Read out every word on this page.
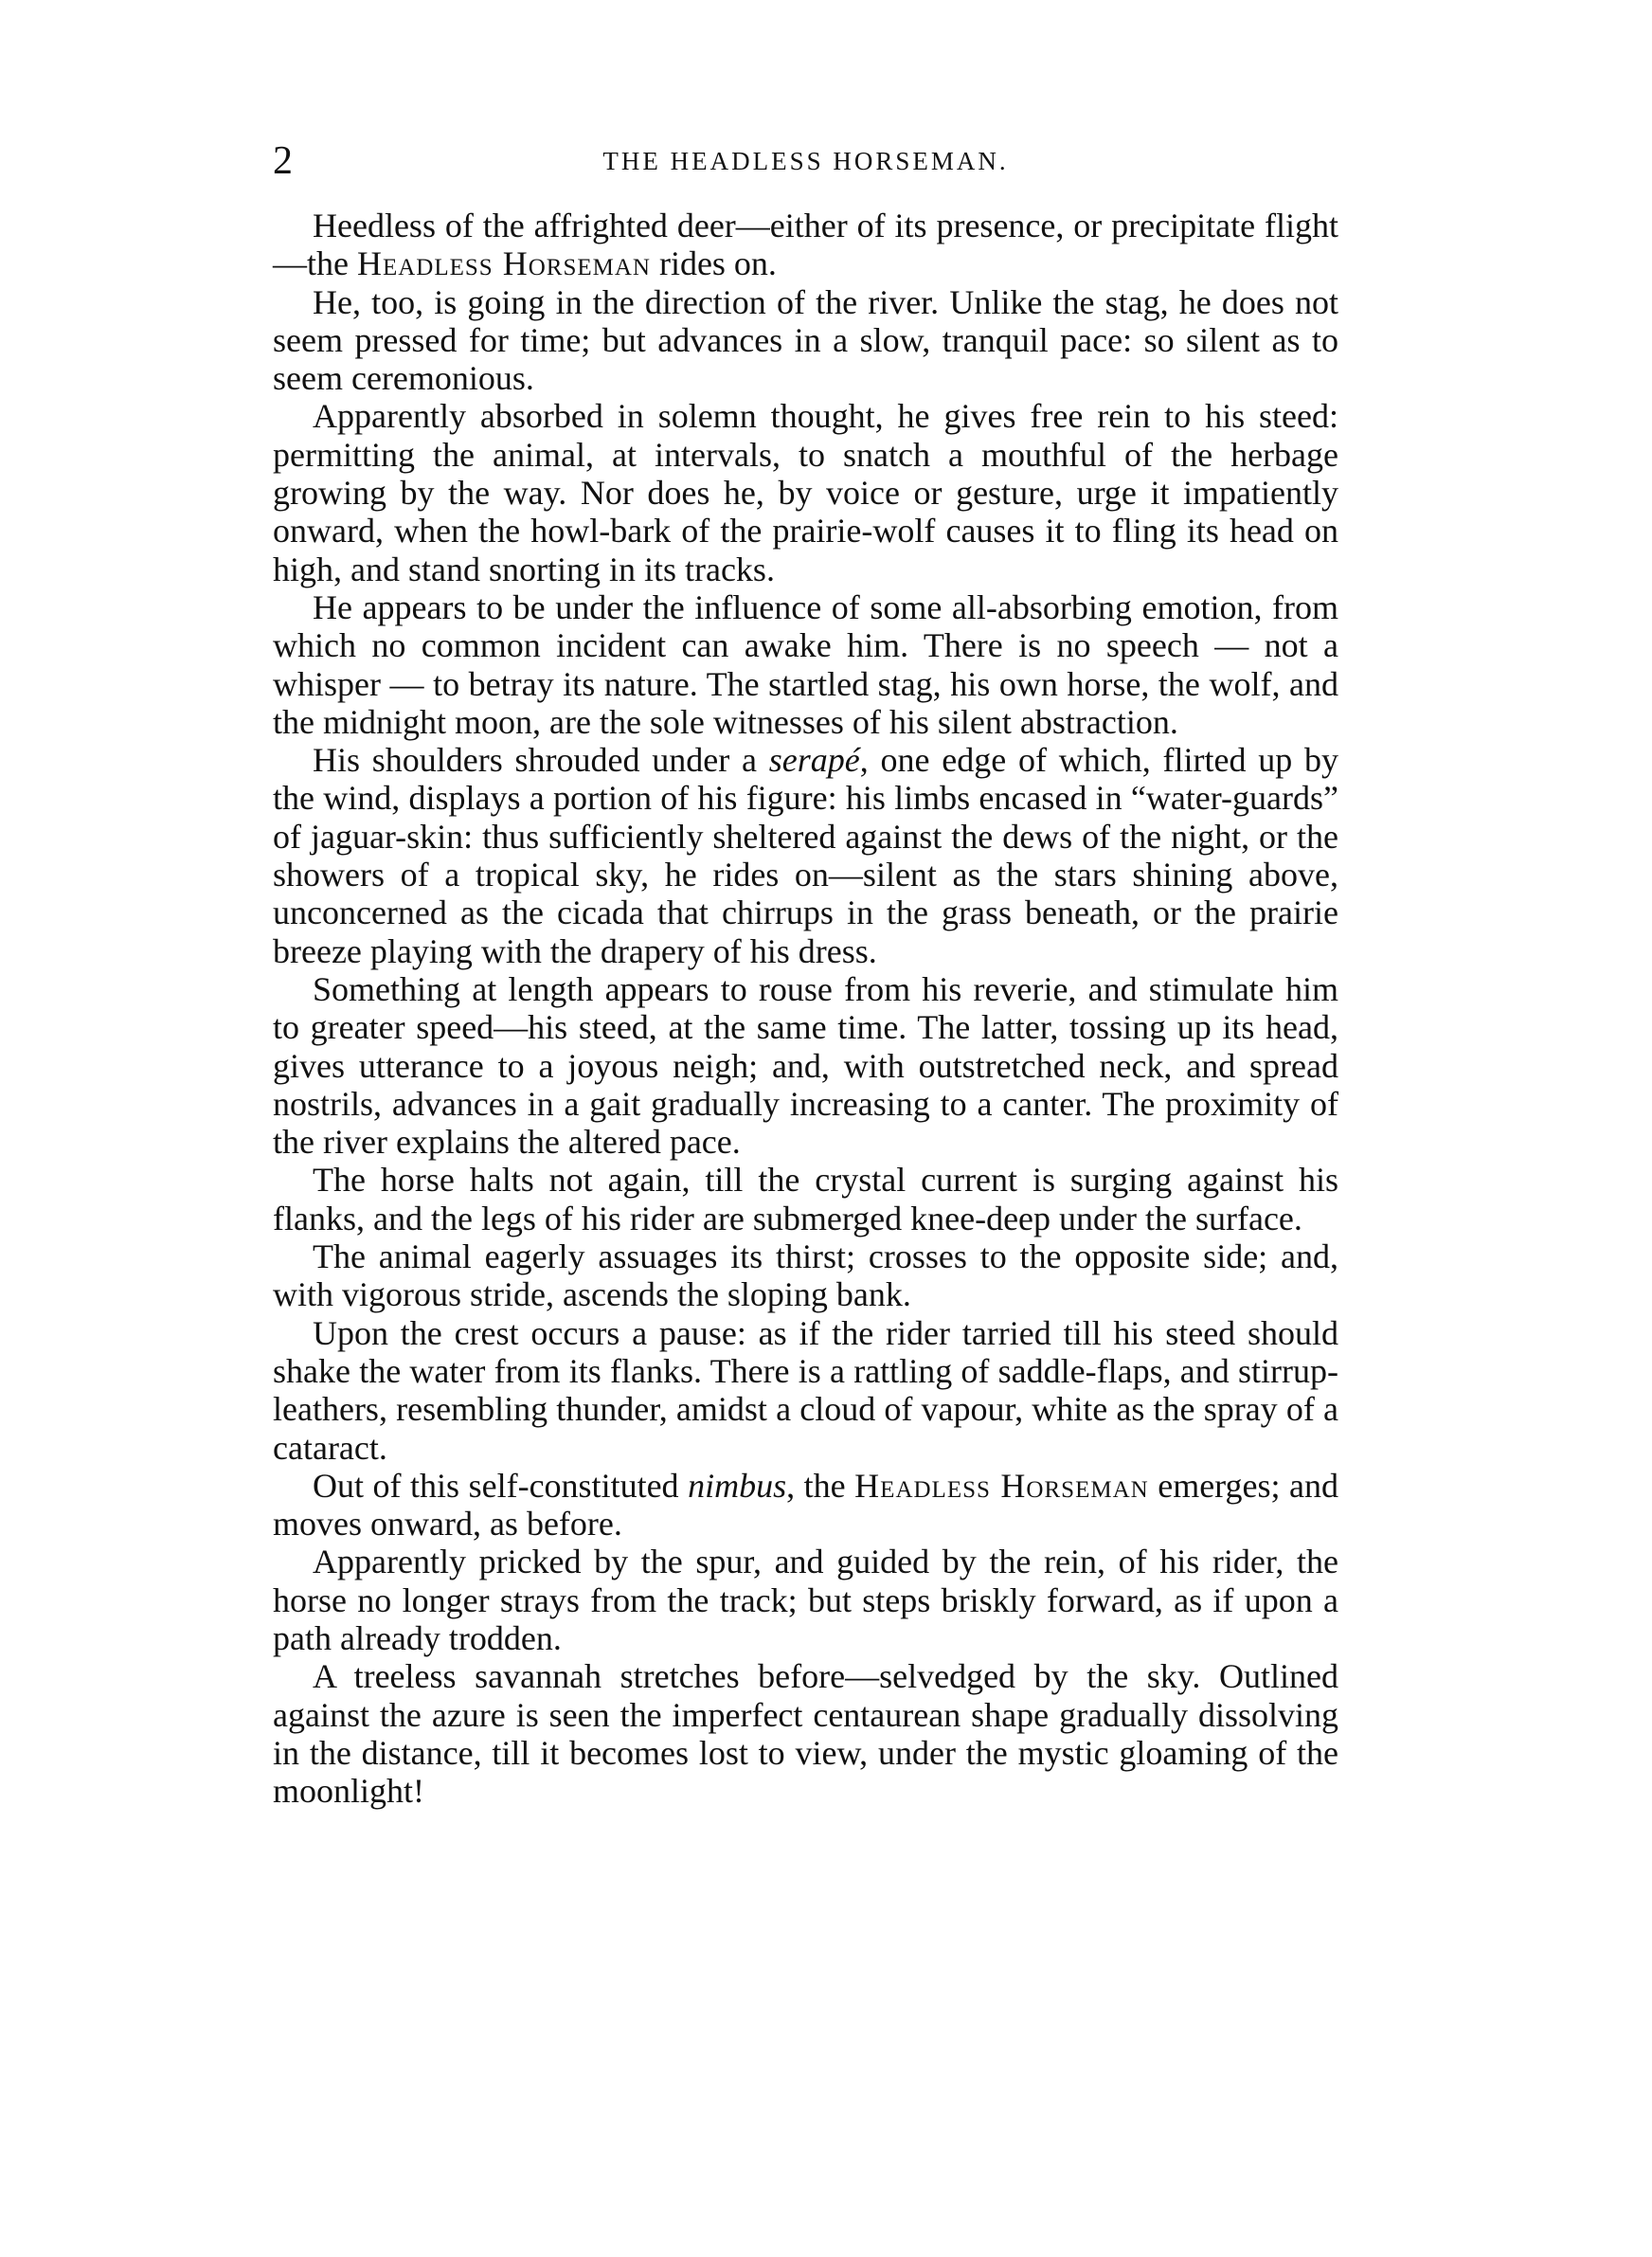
2	THE HEADLESS HORSEMAN.

Heedless of the affrighted deer—either of its presence, or precipitate flight—the Headless Horseman rides on.

He, too, is going in the direction of the river. Unlike the stag, he does not seem pressed for time; but advances in a slow, tranquil pace: so silent as to seem ceremonious.

Apparently absorbed in solemn thought, he gives free rein to his steed: permitting the animal, at intervals, to snatch a mouthful of the herbage growing by the way. Nor does he, by voice or gesture, urge it impatiently onward, when the howl-bark of the prairie-wolf causes it to fling its head on high, and stand snorting in its tracks.

He appears to be under the influence of some all-absorbing emotion, from which no common incident can awake him. There is no speech — not a whisper — to betray its nature. The startled stag, his own horse, the wolf, and the midnight moon, are the sole witnesses of his silent abstraction.

His shoulders shrouded under a serapé, one edge of which, flirted up by the wind, displays a portion of his figure: his limbs encased in “water-guards” of jaguar-skin: thus sufficiently sheltered against the dews of the night, or the showers of a tropical sky, he rides on—silent as the stars shining above, unconcerned as the cicada that chirrups in the grass beneath, or the prairie breeze playing with the drapery of his dress.

Something at length appears to rouse from his reverie, and stimulate him to greater speed—his steed, at the same time. The latter, tossing up its head, gives utterance to a joyous neigh; and, with outstretched neck, and spread nostrils, advances in a gait gradually increasing to a canter. The proximity of the river explains the altered pace.

The horse halts not again, till the crystal current is surging against his flanks, and the legs of his rider are submerged knee-deep under the surface.

The animal eagerly assuages its thirst; crosses to the opposite side; and, with vigorous stride, ascends the sloping bank.

Upon the crest occurs a pause: as if the rider tarried till his steed should shake the water from its flanks. There is a rattling of saddle-flaps, and stirrup-leathers, resembling thunder, amidst a cloud of vapour, white as the spray of a cataract.

Out of this self-constituted nimbus, the Headless Horseman emerges; and moves onward, as before.

Apparently pricked by the spur, and guided by the rein, of his rider, the horse no longer strays from the track; but steps briskly forward, as if upon a path already trodden.

A treeless savannah stretches before—selvedged by the sky. Outlined against the azure is seen the imperfect centaurean shape gradually dissolving in the distance, till it becomes lost to view, under the mystic gloaming of the moonlight!
